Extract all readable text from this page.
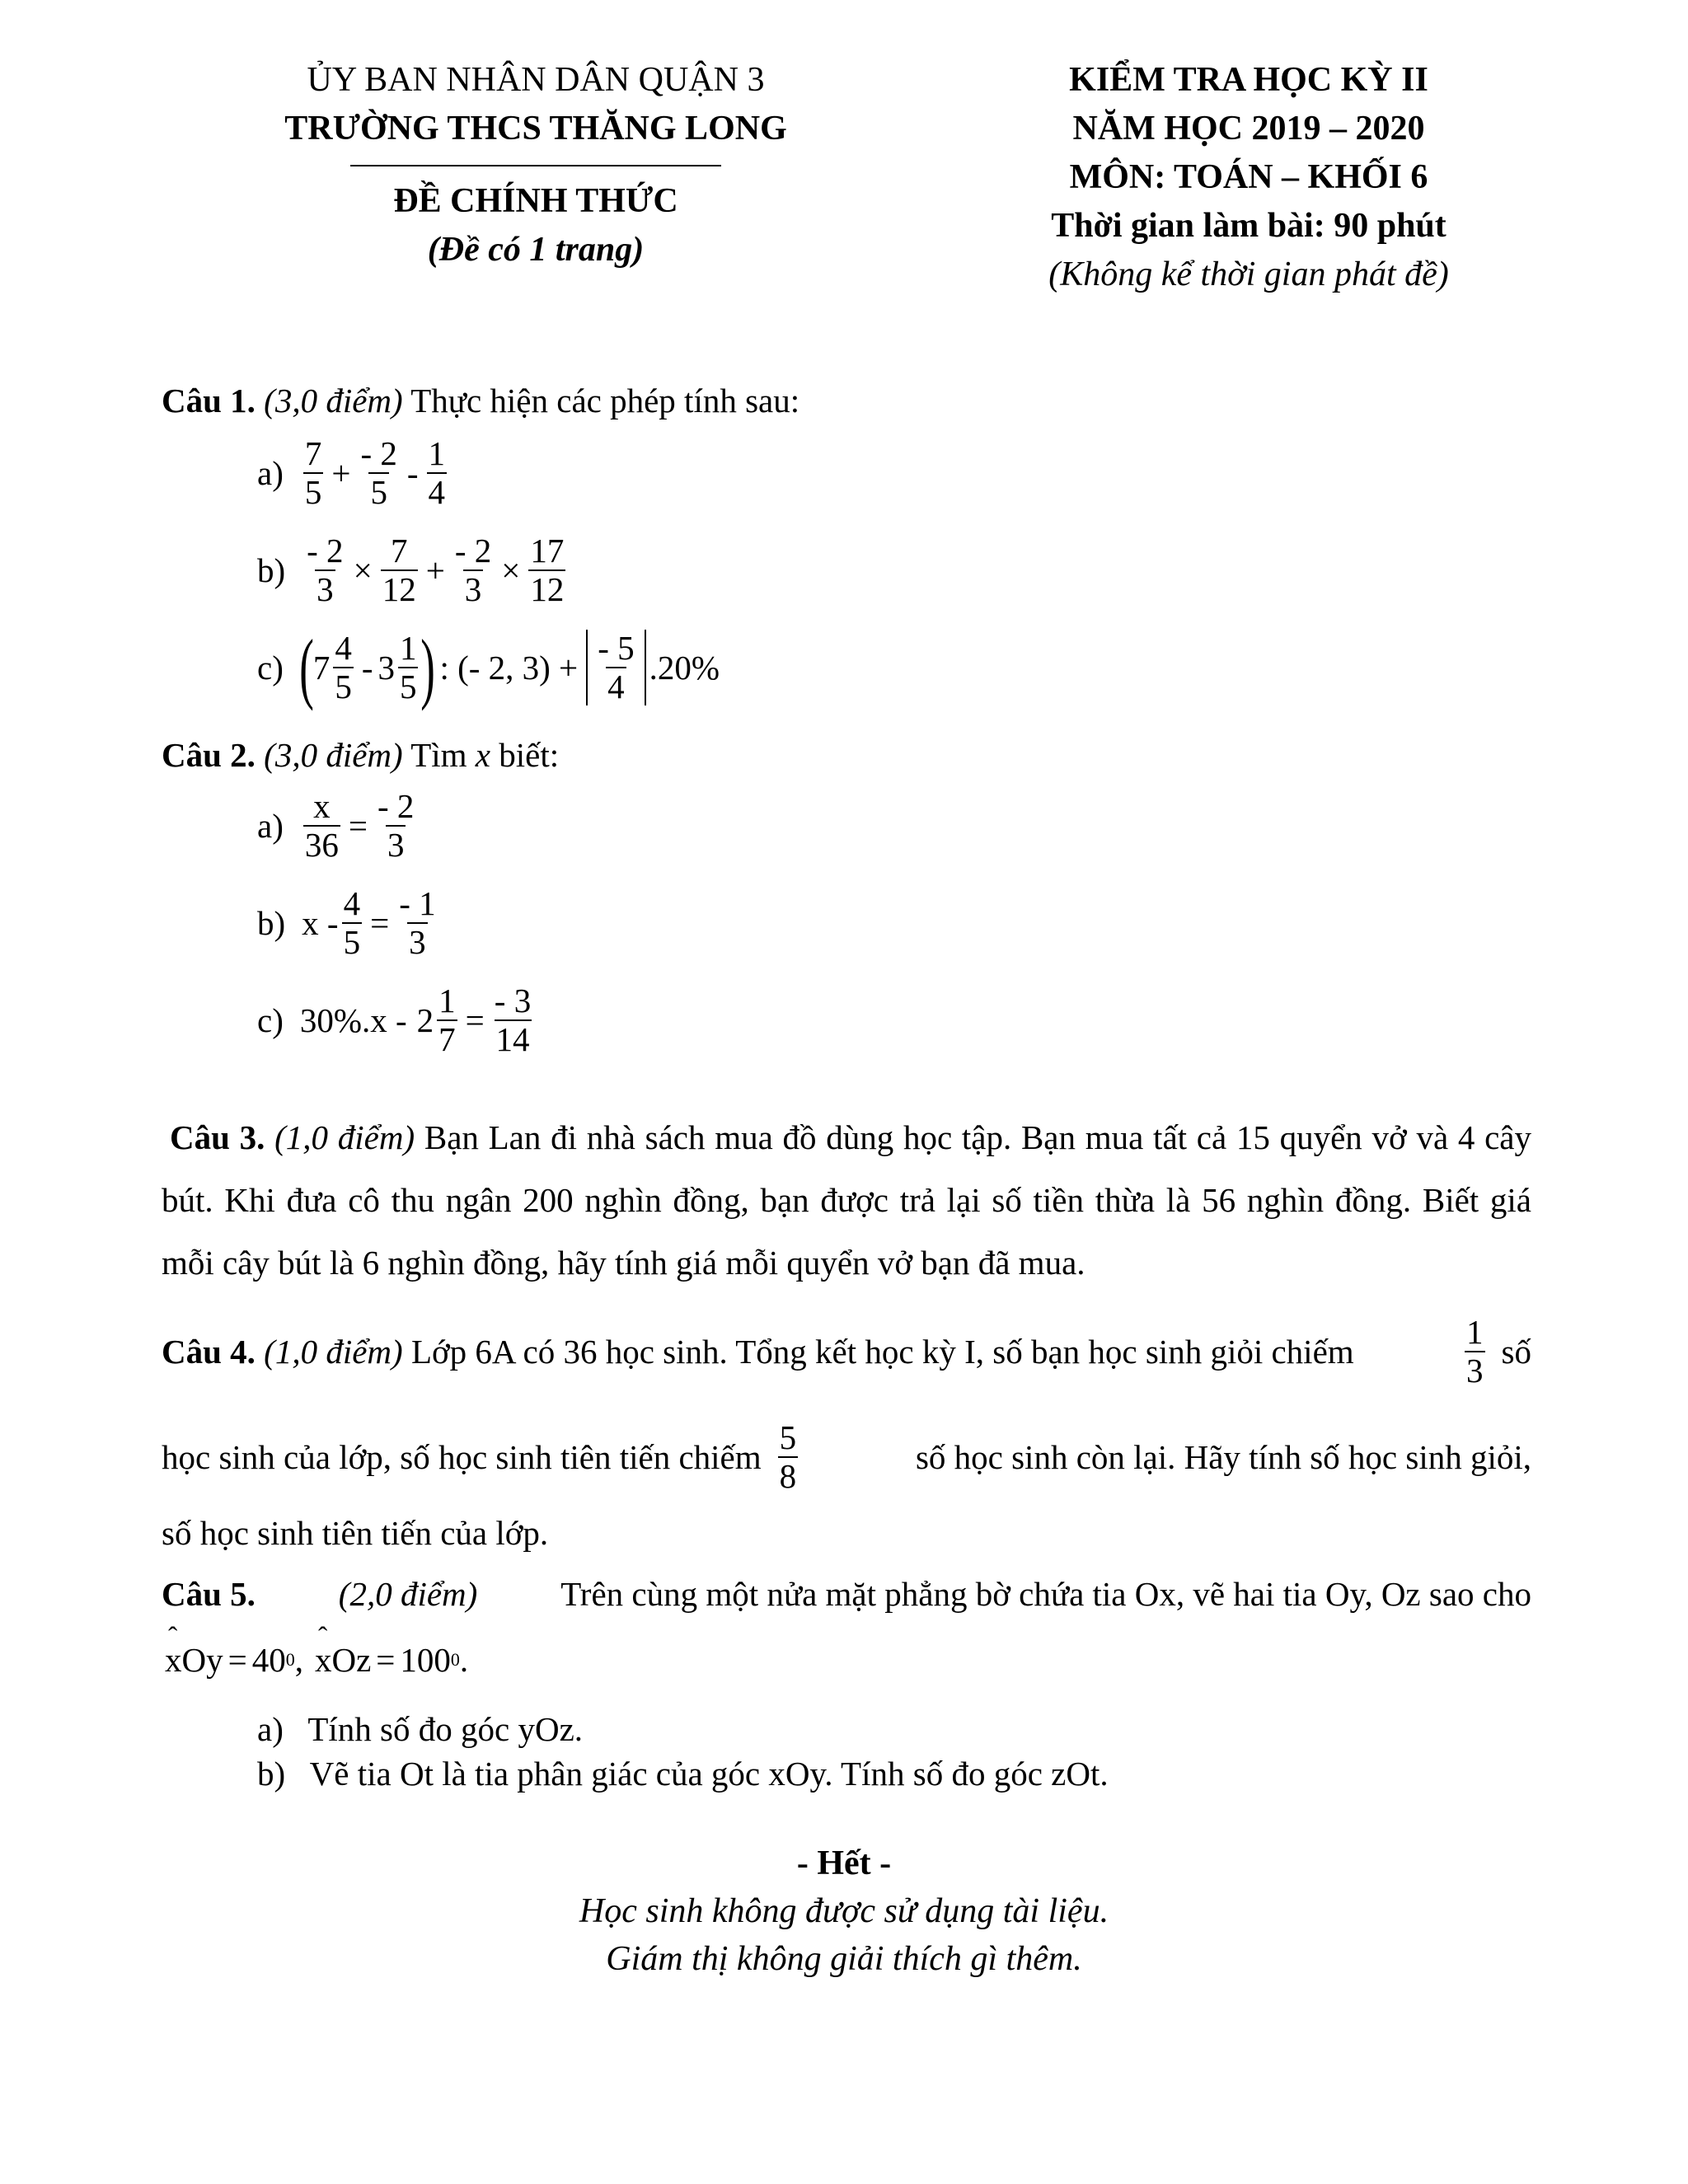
ỦY BAN NHÂN DÂN QUẬN 3
TRƯỜNG THCS THĂNG LONG
ĐỀ CHÍNH THỨC
(Đề có 1 trang)
KIỂM TRA HỌC KỲ II
NĂM HỌC 2019 – 2020
MÔN: TOÁN – KHỐI 6
Thời gian làm bài: 90 phút
(Không kể thời gian phát đề)
Câu 1. (3,0 điểm) Thực hiện các phép tính sau:
$a) \frac{7}{5} + \frac{- 2}{5} - \frac{1}{4}$
$b) \frac{- 2}{3} \times \frac{7}{12} + \frac{- 2}{3} \times \frac{17}{12}$
c) ( $7 \frac{4}{5} - 3 \frac{1}{5}$ ) : (- 2, $3) + \frac{- 5}{4} .20\%$
Câu 2. (3,0 điểm) Tìm x biết:
$a) \frac{x}{36} = \frac{- 2}{3}$
b) $x - \frac{4}{5} = \frac{- 1}{3}$
c) $30\%.x - 2 \frac{1}{7} = \frac{- 3}{14}$
Câu 3. (1,0 điểm) Bạn Lan đi nhà sách mua đồ dùng học tập. Bạn mua tất cả 15 quyển vở và 4 cây bút. Khi đưa cô thu ngân 200 nghìn đồng, bạn được trả lại số tiền thừa là 56 nghìn đồng. Biết giá mỗi cây bút là 6 nghìn đồng, hãy tính giá mỗi quyển vở bạn đã mua.
Câu 4. (1,0 điểm) Lớp 6A có 36 học sinh. Tổng kết học kỳ I, số bạn học sinh giỏi chiếm	$\frac{1}{3}$ số
học sinh của lớp, số học sinh tiên tiến chiếm $\frac{5}{8}$	số học sinh còn lại. Hãy tính số học sinh giỏi,
số học sinh tiên tiến của lớp.
Câu 5. (2,0 điểm) Trên cùng một nửa mặt phẳng bờ chứa tia Ox, vẽ hai tia Oy, Oz sao cho
ˆ xOy = 40 0 ,
ˆ xOz = 100 0 .
a) Tính số đo góc yOz.
b) Vẽ tia Ot là tia phân giác của góc xOy. Tính số đo góc zOt.
- Hết -
Học sinh không được sử dụng tài liệu.
Giám thị không giải thích gì thêm.
